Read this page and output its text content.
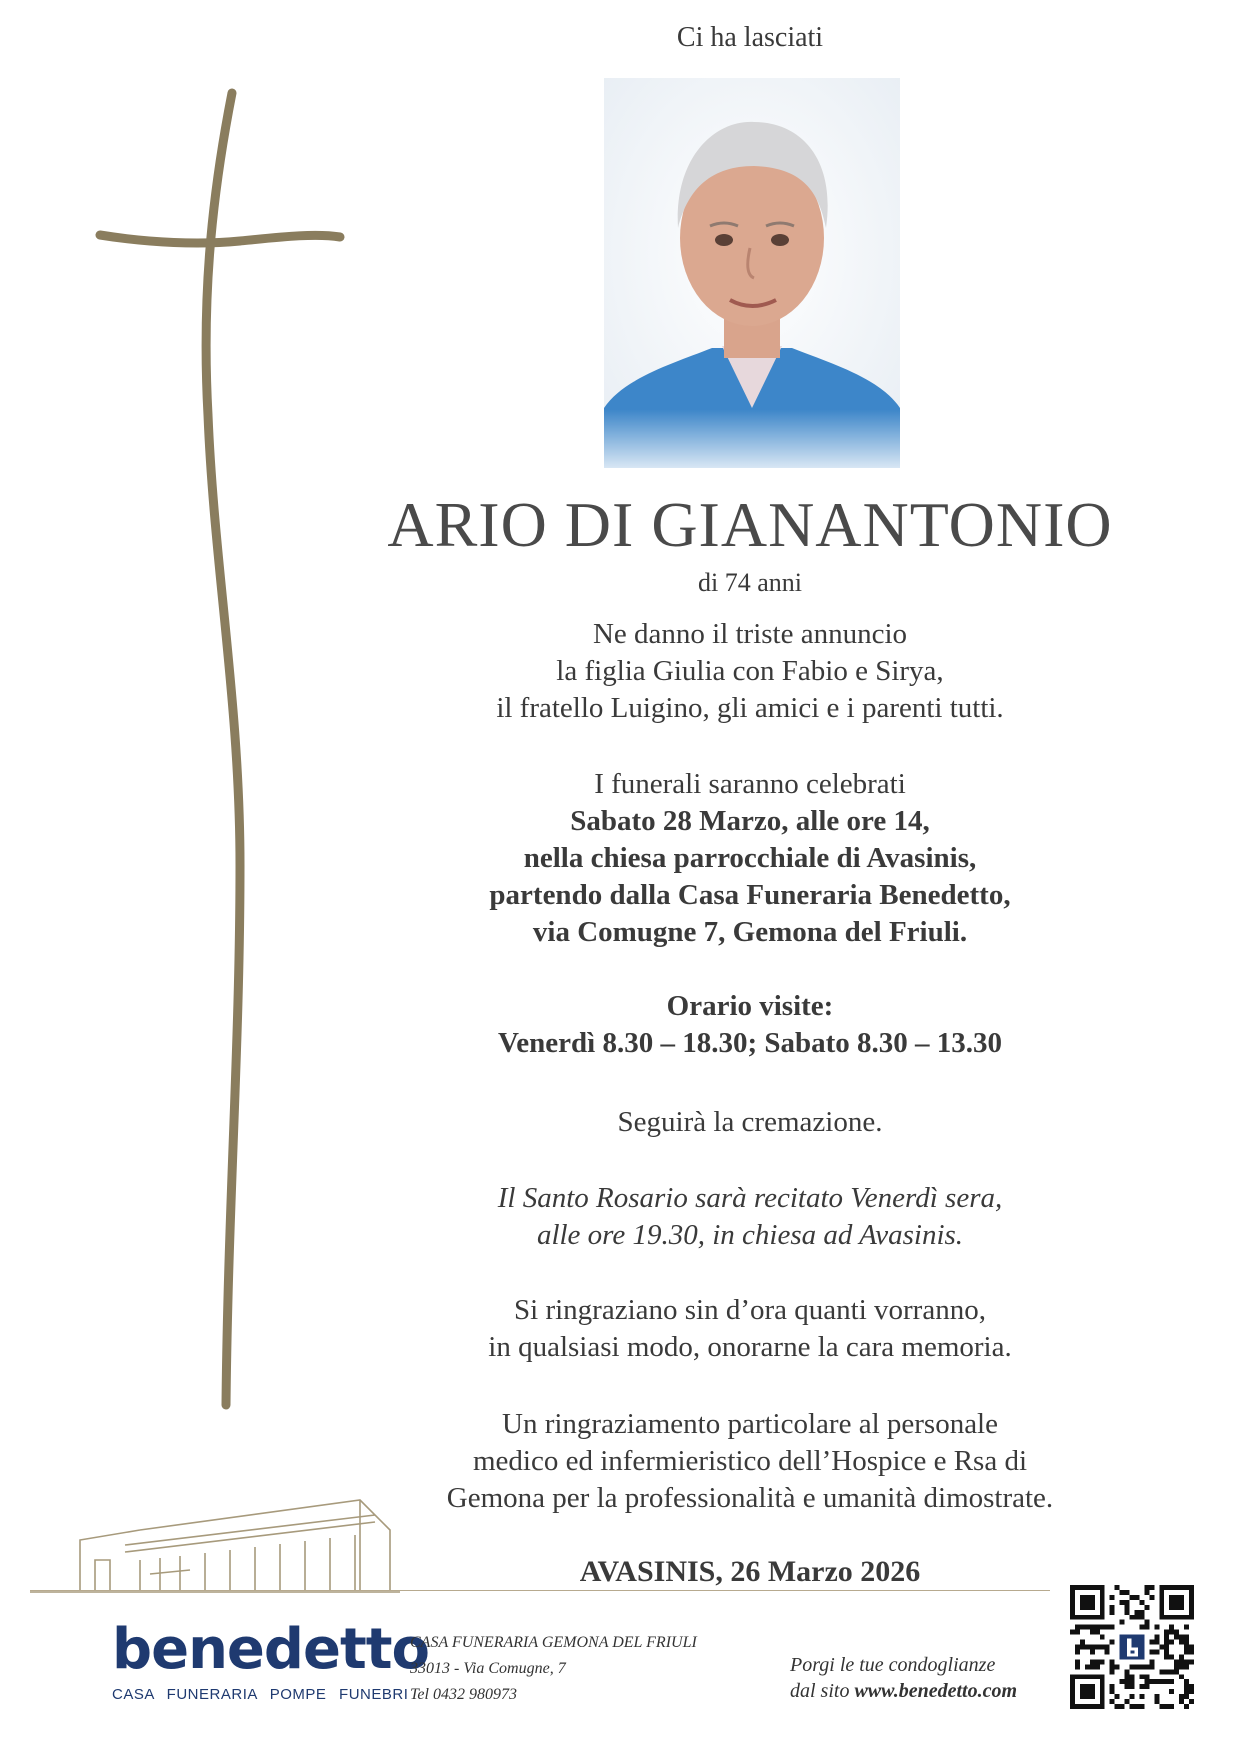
Ci ha lasciati
ARIO DI GIANANTONIO
di 74 anni
Ne danno il triste annuncio
la figlia Giulia con Fabio e Sirya,
il fratello Luigino, gli amici e i parenti tutti.
I funerali saranno celebrati
Sabato 28 Marzo, alle ore 14,
nella chiesa parrocchiale di Avasinis,
partendo dalla Casa Funeraria Benedetto,
via Comugne 7, Gemona del Friuli.
Orario visite:
Venerdì 8.30 – 18.30; Sabato 8.30 – 13.30
Seguirà la cremazione.
Il Santo Rosario sarà recitato Venerdì sera,
alle ore 19.30, in chiesa ad Avasinis.
Si ringraziano sin d’ora quanti vorranno,
in qualsiasi modo, onorarne la cara memoria.
Un ringraziamento particolare al personale
medico ed infermieristico dell’Hospice e Rsa di
Gemona per la professionalità e umanità dimostrate.
AVASINIS, 26 Marzo 2026
benedetto
CASA FUNERARIA POMPE FUNEBRI
CASA FUNERARIA GEMONA DEL FRIULI
33013 - Via Comugne, 7
Tel 0432 980973
Porgi le tue condoglianze
dal sito www.benedetto.com
